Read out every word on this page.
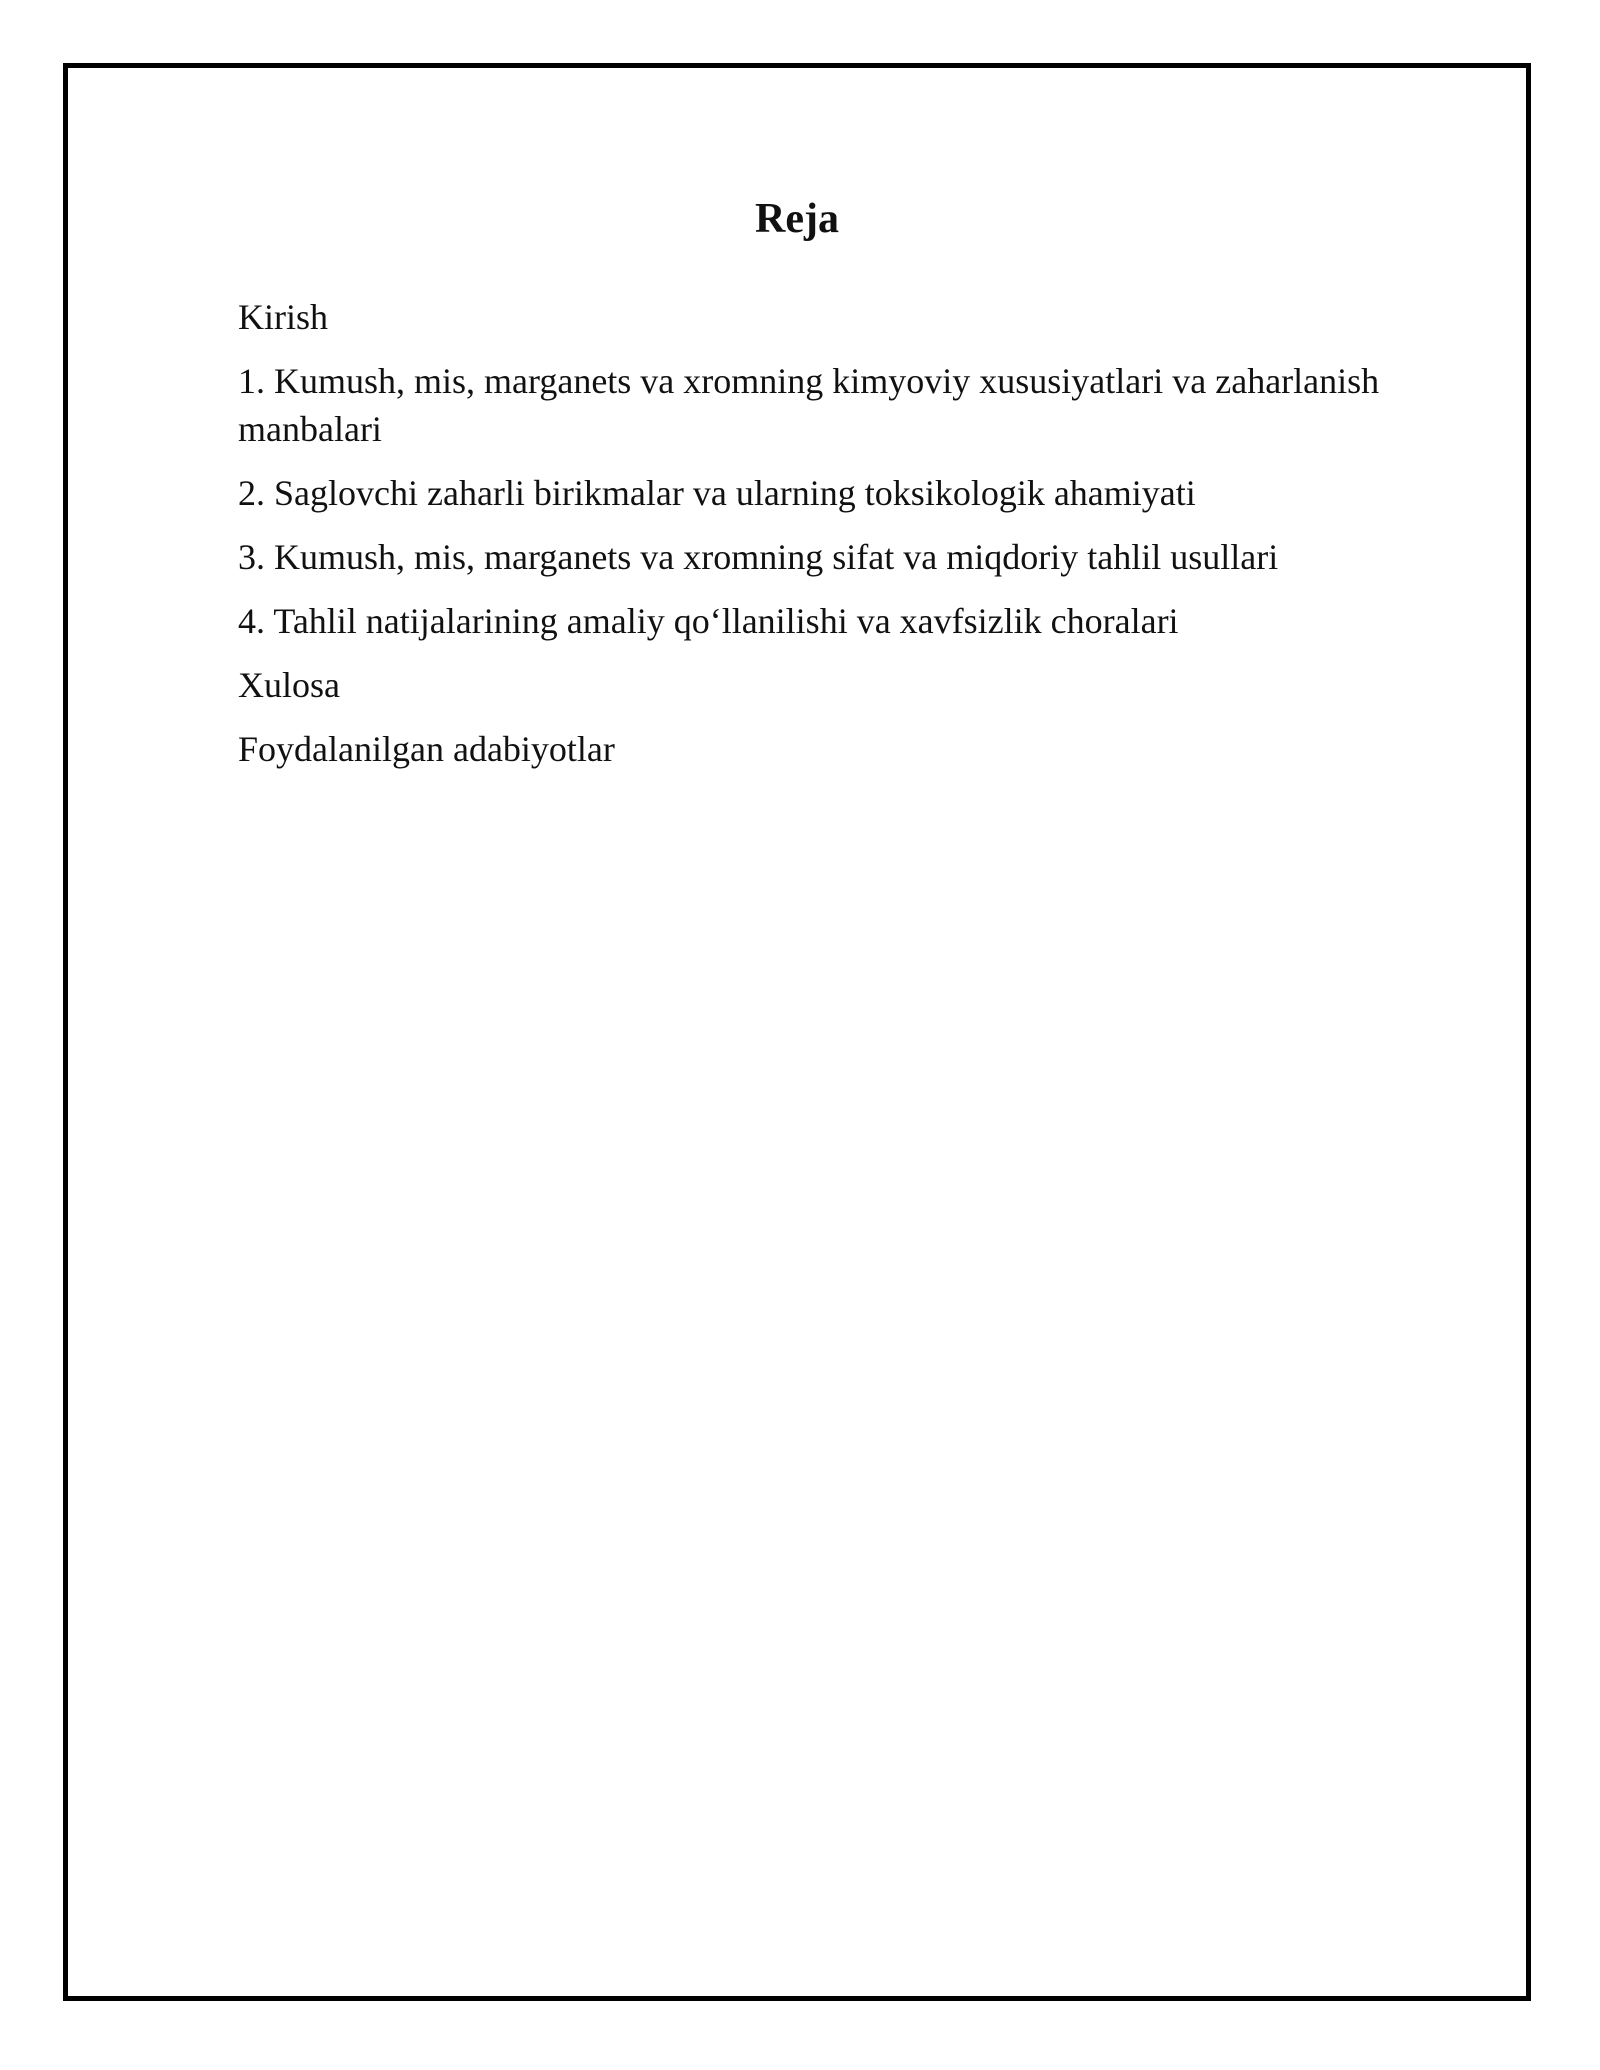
Reja
Kirish
1. Kumush, mis, marganets va xromning kimyoviy xususiyatlari va zaharlanish manbalari
2. Saglovchi zaharli birikmalar va ularning toksikologik ahamiyati
3. Kumush, mis, marganets va xromning sifat va miqdoriy tahlil usullari
4. Tahlil natijalarining amaliy qo‘llanilishi va xavfsizlik choralari
Xulosa
Foydalanilgan adabiyotlar
